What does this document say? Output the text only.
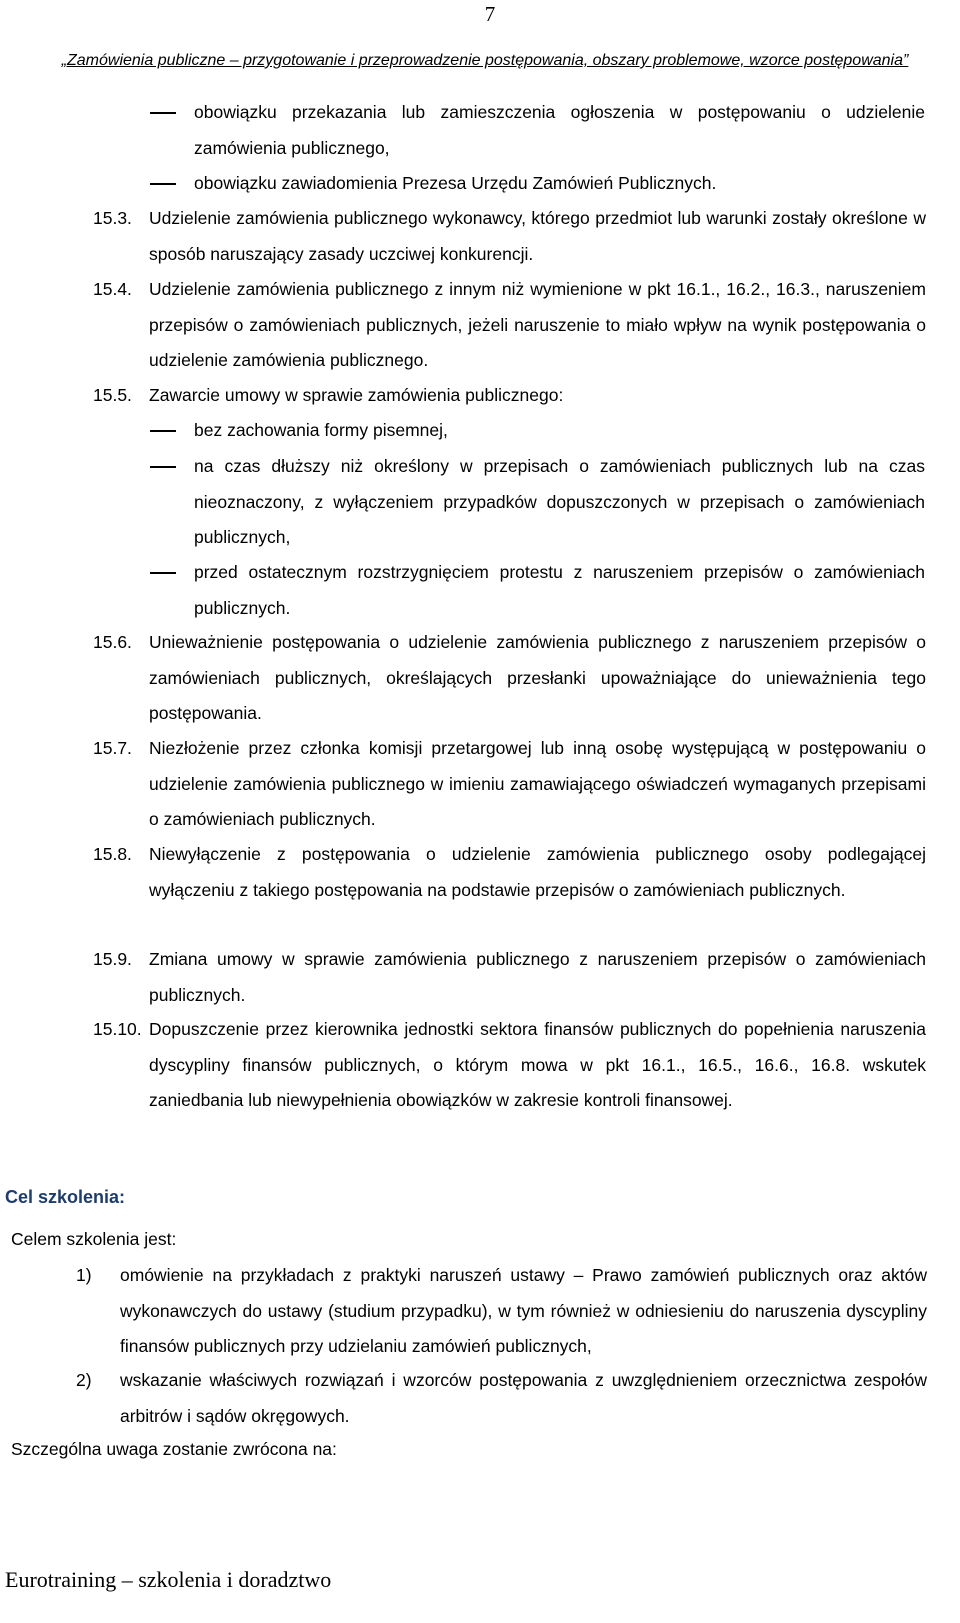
7
„Zamówienia publiczne – przygotowanie i przeprowadzenie postępowania, obszary problemowe, wzorce postępowania”
obowiązku przekazania lub zamieszczenia ogłoszenia w postępowaniu o udzielenie zamówienia publicznego,
obowiązku zawiadomienia Prezesa Urzędu Zamówień Publicznych.
15.3. Udzielenie zamówienia publicznego wykonawcy, którego przedmiot lub warunki zostały określone w sposób naruszający zasady uczciwej konkurencji.
15.4. Udzielenie zamówienia publicznego z innym niż wymienione w pkt 16.1., 16.2., 16.3., naruszeniem przepisów o zamówieniach publicznych, jeżeli naruszenie to miało wpływ na wynik postępowania o udzielenie zamówienia publicznego.
15.5. Zawarcie umowy w sprawie zamówienia publicznego:
bez zachowania formy pisemnej,
na czas dłuższy niż określony w przepisach o zamówieniach publicznych lub na czas nieoznaczony, z wyłączeniem przypadków dopuszczonych w przepisach o zamówieniach publicznych,
przed ostatecznym rozstrzygnięciem protestu z naruszeniem przepisów o zamówieniach publicznych.
15.6. Unieważnienie postępowania o udzielenie zamówienia publicznego z naruszeniem przepisów o zamówieniach publicznych, określających przesłanki upoważniające do unieważnienia tego postępowania.
15.7. Niezłożenie przez członka komisji przetargowej lub inną osobę występującą w postępowaniu o udzielenie zamówienia publicznego w imieniu zamawiającego oświadczeń wymaganych przepisami o zamówieniach publicznych.
15.8. Niewyłączenie z postępowania o udzielenie zamówienia publicznego osoby podlegającej wyłączeniu z takiego postępowania na podstawie przepisów o zamówieniach publicznych.
15.9. Zmiana umowy w sprawie zamówienia publicznego z naruszeniem przepisów o zamówieniach publicznych.
15.10. Dopuszczenie przez kierownika jednostki sektora finansów publicznych do popełnienia naruszenia dyscypliny finansów publicznych, o którym mowa w pkt 16.1., 16.5., 16.6., 16.8. wskutek zaniedbania lub niewypełnienia obowiązków w zakresie kontroli finansowej.
Cel szkolenia:
Celem szkolenia jest:
1) omówienie na przykładach z praktyki naruszeń ustawy – Prawo zamówień publicznych oraz aktów wykonawczych do ustawy (studium przypadku), w tym również w odniesieniu do naruszenia dyscypliny finansów publicznych przy udzielaniu zamówień publicznych,
2) wskazanie właściwych rozwiązań i wzorców postępowania z uwzględnieniem orzecznictwa zespołów arbitrów i sądów okręgowych.
Szczególna uwaga zostanie zwrócona na:
Eurotraining – szkolenia i doradztwo
